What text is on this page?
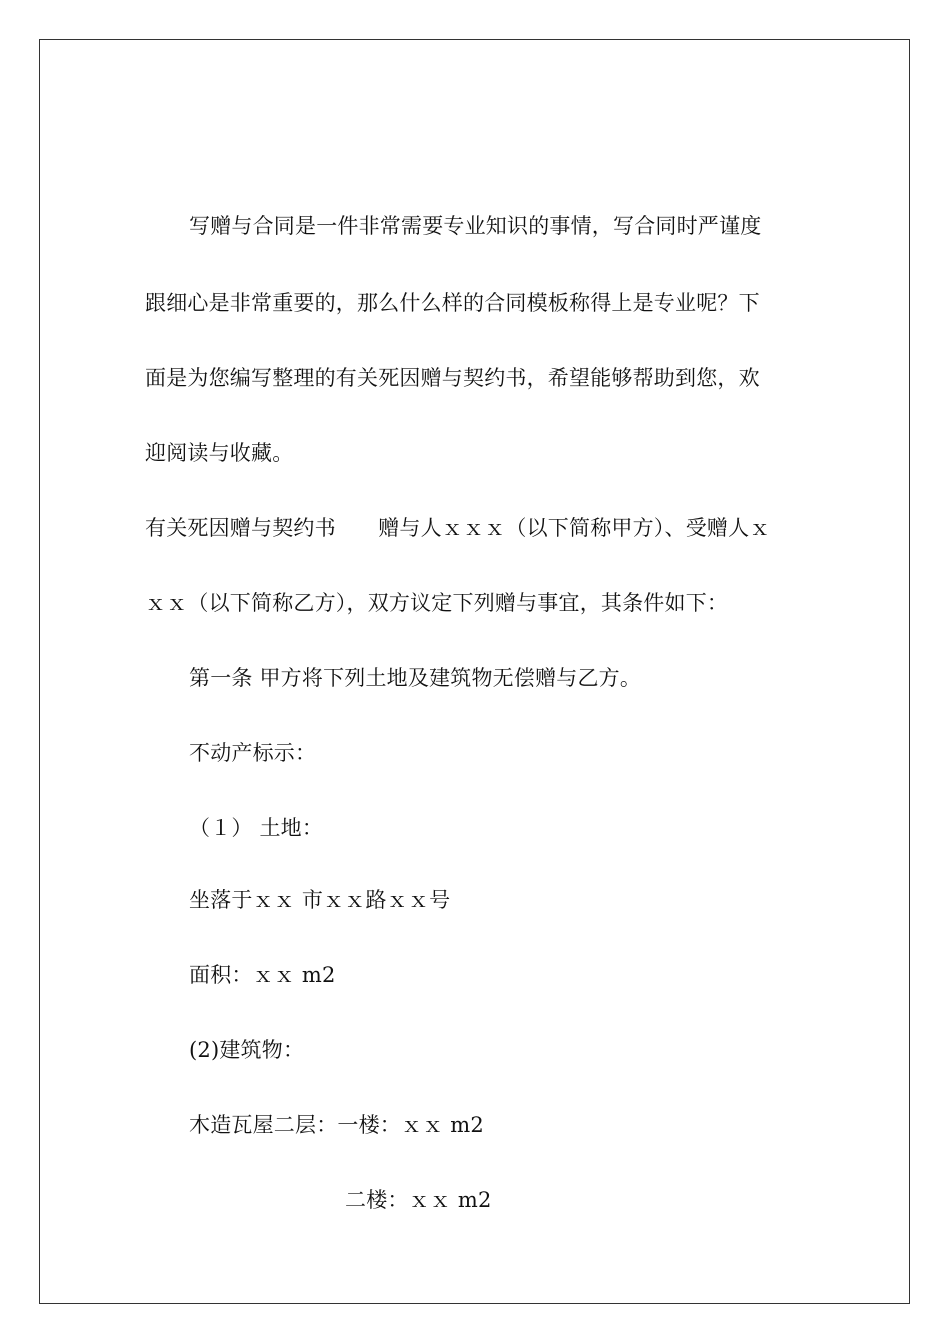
写赠与合同是一件非常需要专业知识的事情，写合同时严谨度
跟细心是非常重要的，那么什么样的合同模板称得上是专业呢？下
面是为您编写整理的有关死因赠与契约书，希望能够帮助到您，欢
迎阅读与收藏。
有关死因赠与契约书　　赠与人ｘｘｘ（以下简称甲方）、受赠人ｘ
ｘｘ（以下简称乙方），双方议定下列赠与事宜，其条件如下：
第一条 甲方将下列土地及建筑物无偿赠与乙方。
不动产标示：
（１） 土地：
坐落于ｘｘ 市ｘｘ路ｘｘ号
面积：ｘｘ m2
(2)建筑物：
木造瓦屋二层：一楼：ｘｘ m2
二楼：ｘｘ m2
